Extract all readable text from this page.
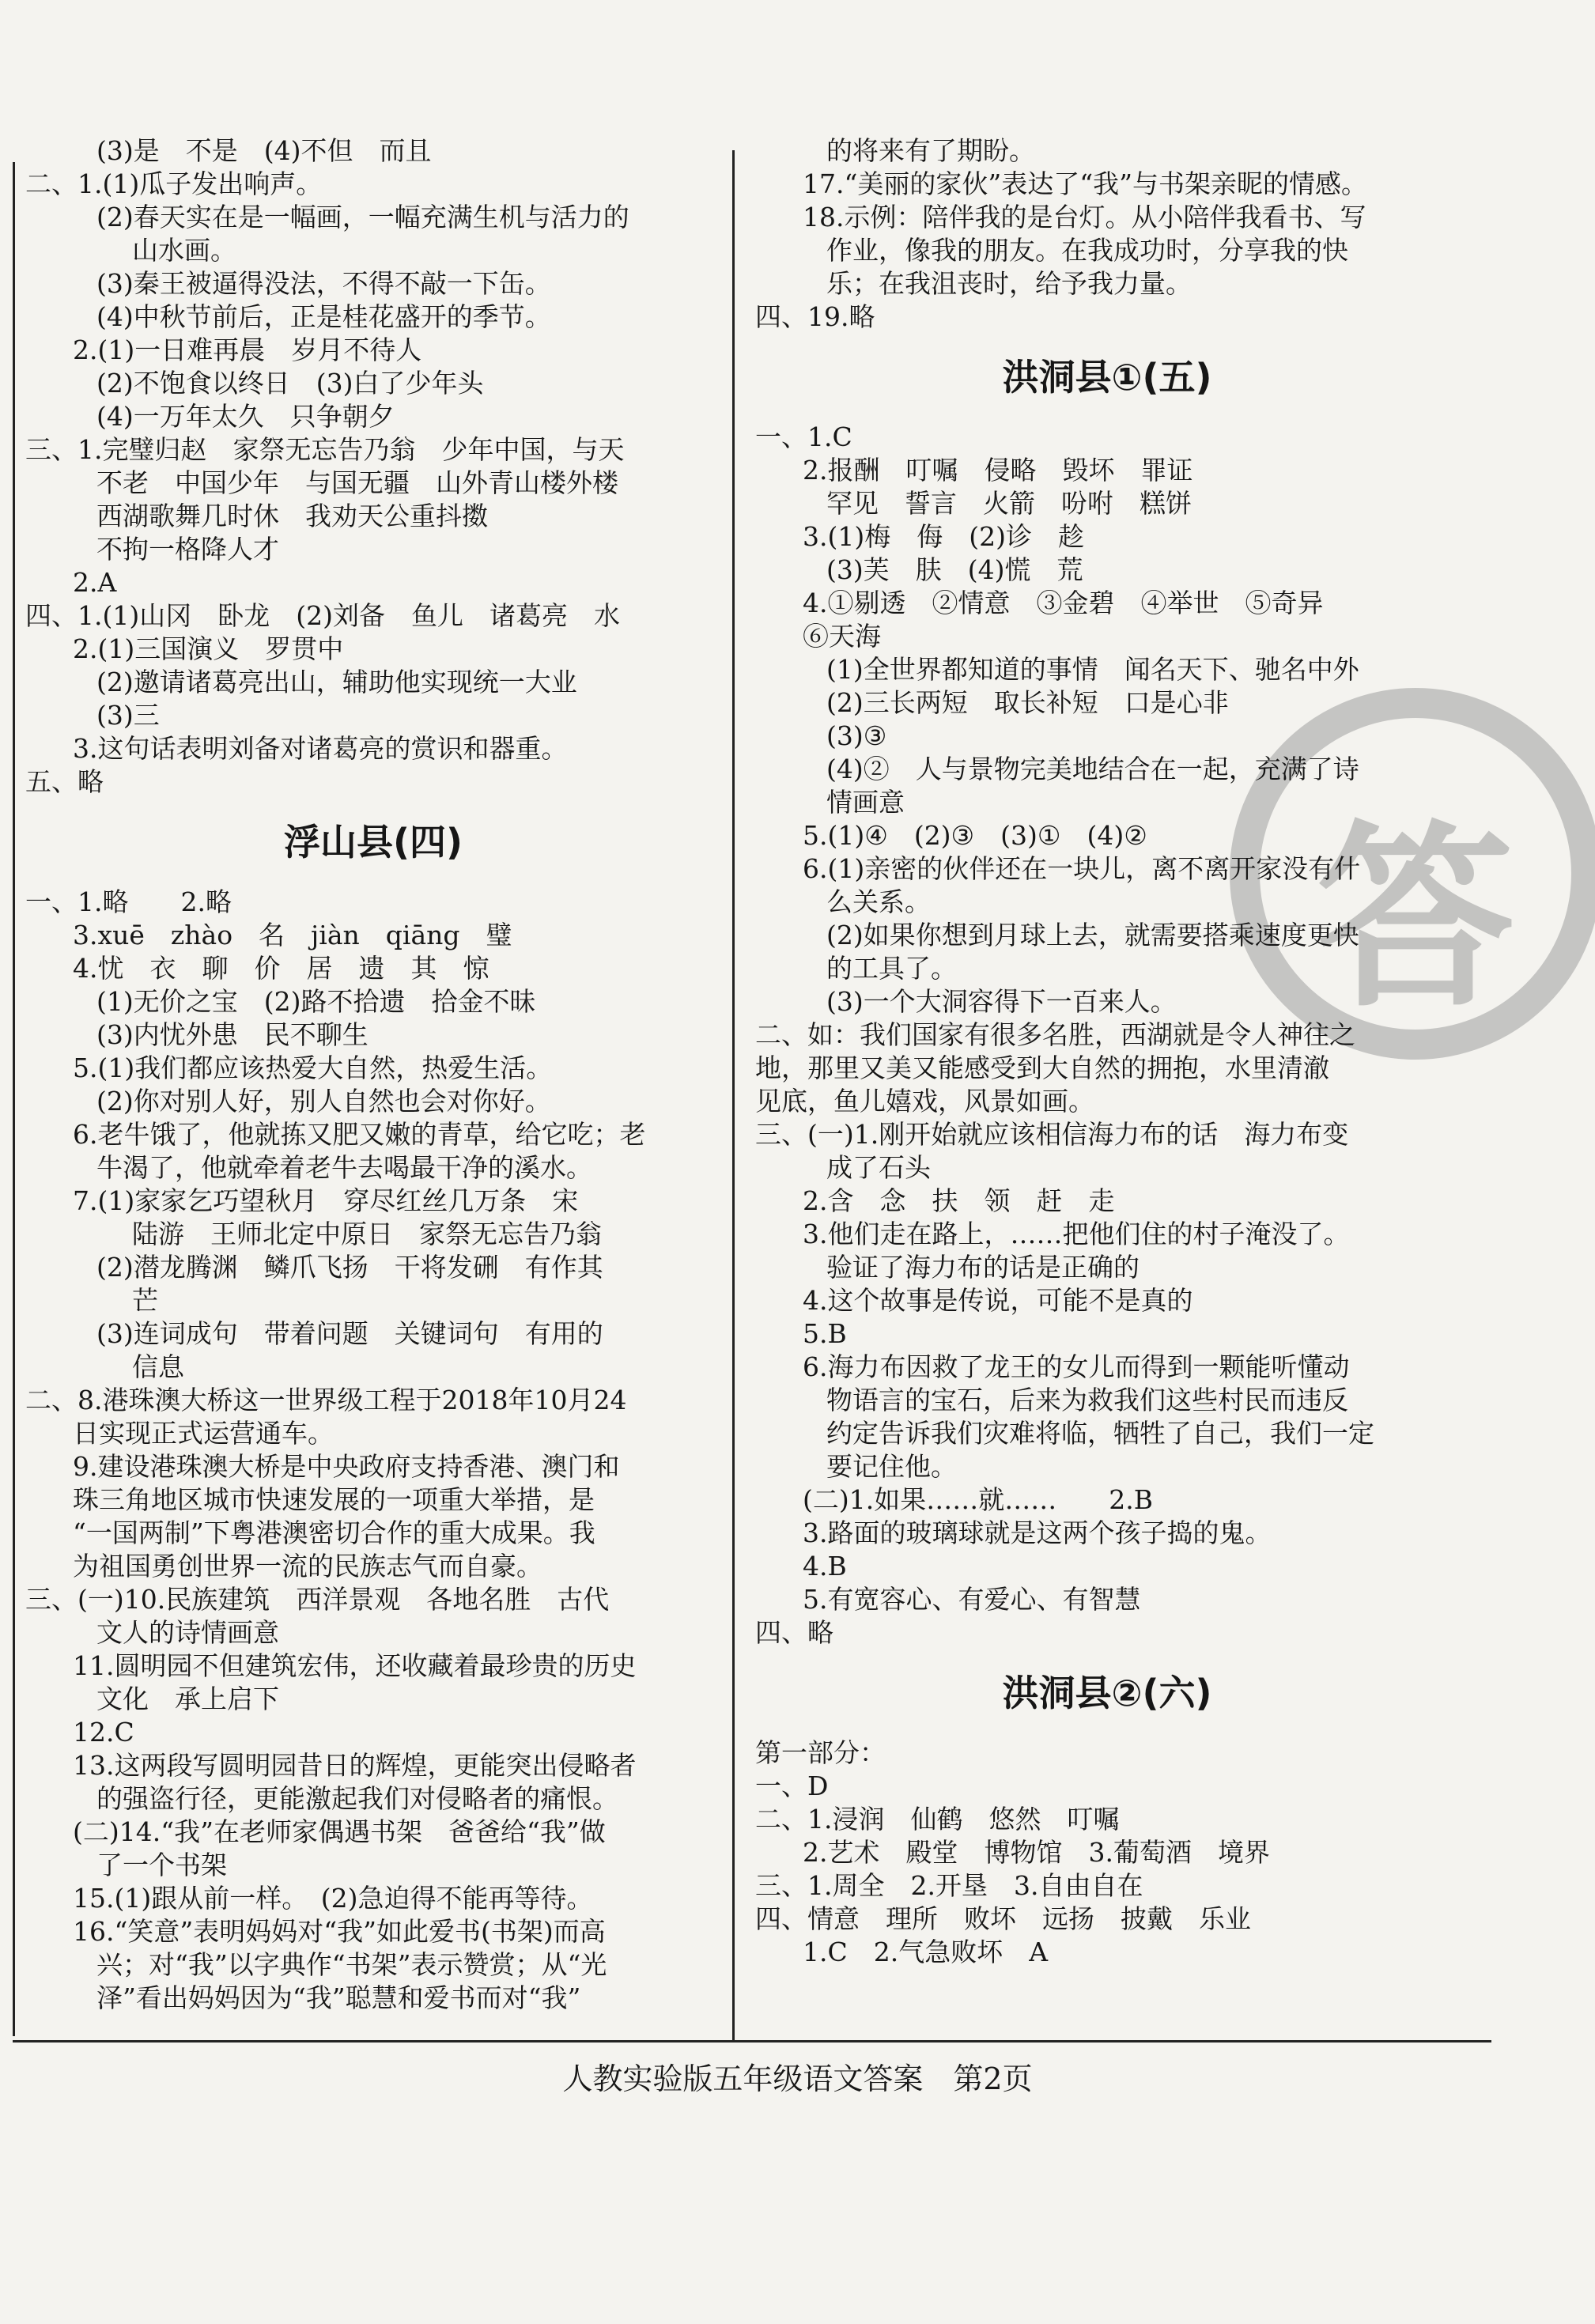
答
(3)是　不是　(4)不但　而且
二、1.(1)瓜子发出响声。
(2)春天实在是一幅画，一幅充满生机与活力的
山水画。
(3)秦王被逼得没法，不得不敲一下缶。
(4)中秋节前后，正是桂花盛开的季节。
2.(1)一日难再晨　岁月不待人
(2)不饱食以终日　(3)白了少年头
(4)一万年太久　只争朝夕
三、1.完璧归赵　家祭无忘告乃翁　少年中国，与天
不老　中国少年　与国无疆　山外青山楼外楼
西湖歌舞几时休　我劝天公重抖擞
不拘一格降人才
2.A
四、1.(1)山冈　卧龙　(2)刘备　鱼儿　诸葛亮　水
2.(1)三国演义　罗贯中
(2)邀请诸葛亮出山，辅助他实现统一大业
(3)三
3.这句话表明刘备对诸葛亮的赏识和器重。
五、略
浮山县(四)
一、1.略　　2.略
3.xuē　zhào　名　jiàn　qiāng　璧
4.忧　衣　聊　价　居　遗　其　惊
(1)无价之宝　(2)路不拾遗　拾金不昧
(3)内忧外患　民不聊生
5.(1)我们都应该热爱大自然，热爱生活。
(2)你对别人好，别人自然也会对你好。
6.老牛饿了，他就拣又肥又嫩的青草，给它吃；老
牛渴了，他就牵着老牛去喝最干净的溪水。
7.(1)家家乞巧望秋月　穿尽红丝几万条　宋
陆游　王师北定中原日　家祭无忘告乃翁
(2)潜龙腾渊　鳞爪飞扬　干将发硎　有作其
芒
(3)连词成句　带着问题　关键词句　有用的
信息
二、8.港珠澳大桥这一世界级工程于2018年10月24
日实现正式运营通车。
9.建设港珠澳大桥是中央政府支持香港、澳门和
珠三角地区城市快速发展的一项重大举措，是
“一国两制”下粤港澳密切合作的重大成果。我
为祖国勇创世界一流的民族志气而自豪。
三、(一)10.民族建筑　西洋景观　各地名胜　古代
文人的诗情画意
11.圆明园不但建筑宏伟，还收藏着最珍贵的历史
文化　承上启下
12.C
13.这两段写圆明园昔日的辉煌，更能突出侵略者
的强盗行径，更能激起我们对侵略者的痛恨。
(二)14.“我”在老师家偶遇书架　爸爸给“我”做
了一个书架
15.(1)跟从前一样。　(2)急迫得不能再等待。
16.“笑意”表明妈妈对“我”如此爱书(书架)而高
兴；对“我”以字典作“书架”表示赞赏；从“光
泽”看出妈妈因为“我”聪慧和爱书而对“我”
的将来有了期盼。
17.“美丽的家伙”表达了“我”与书架亲昵的情感。
18.示例：陪伴我的是台灯。从小陪伴我看书、写
作业，像我的朋友。在我成功时，分享我的快
乐；在我沮丧时，给予我力量。
四、19.略
洪洞县①(五)
一、1.C
2.报酬　叮嘱　侵略　毁坏　罪证
罕见　誓言　火箭　吩咐　糕饼
3.(1)梅　侮　(2)诊　趁
(3)芙　肤　(4)慌　荒
4.①剔透　②情意　③金碧　④举世　⑤奇异
⑥天海
(1)全世界都知道的事情　闻名天下、驰名中外
(2)三长两短　取长补短　口是心非
(3)③
(4)②　人与景物完美地结合在一起，充满了诗
情画意
5.(1)④　(2)③　(3)①　(4)②
6.(1)亲密的伙伴还在一块儿，离不离开家没有什
么关系。
(2)如果你想到月球上去，就需要搭乘速度更快
的工具了。
(3)一个大洞容得下一百来人。
二、如：我们国家有很多名胜，西湖就是令人神往之
地，那里又美又能感受到大自然的拥抱，水里清澈
见底，鱼儿嬉戏，风景如画。
三、(一)1.刚开始就应该相信海力布的话　海力布变
成了石头
2.含　念　扶　领　赶　走
3.他们走在路上，……把他们住的村子淹没了。
验证了海力布的话是正确的
4.这个故事是传说，可能不是真的
5.B
6.海力布因救了龙王的女儿而得到一颗能听懂动
物语言的宝石，后来为救我们这些村民而违反
约定告诉我们灾难将临，牺牲了自己，我们一定
要记住他。
(二)1.如果……就……　　2.B
3.路面的玻璃球就是这两个孩子捣的鬼。
4.B
5.有宽容心、有爱心、有智慧
四、略
洪洞县②(六)
第一部分：
一、D
二、1.浸润　仙鹤　悠然　叮嘱
2.艺术　殿堂　博物馆　3.葡萄酒　境界
三、1.周全　2.开垦　3.自由自在
四、情意　理所　败坏　远扬　披戴　乐业
1.C　2.气急败坏　A
人教实验版五年级语文答案　第2页
